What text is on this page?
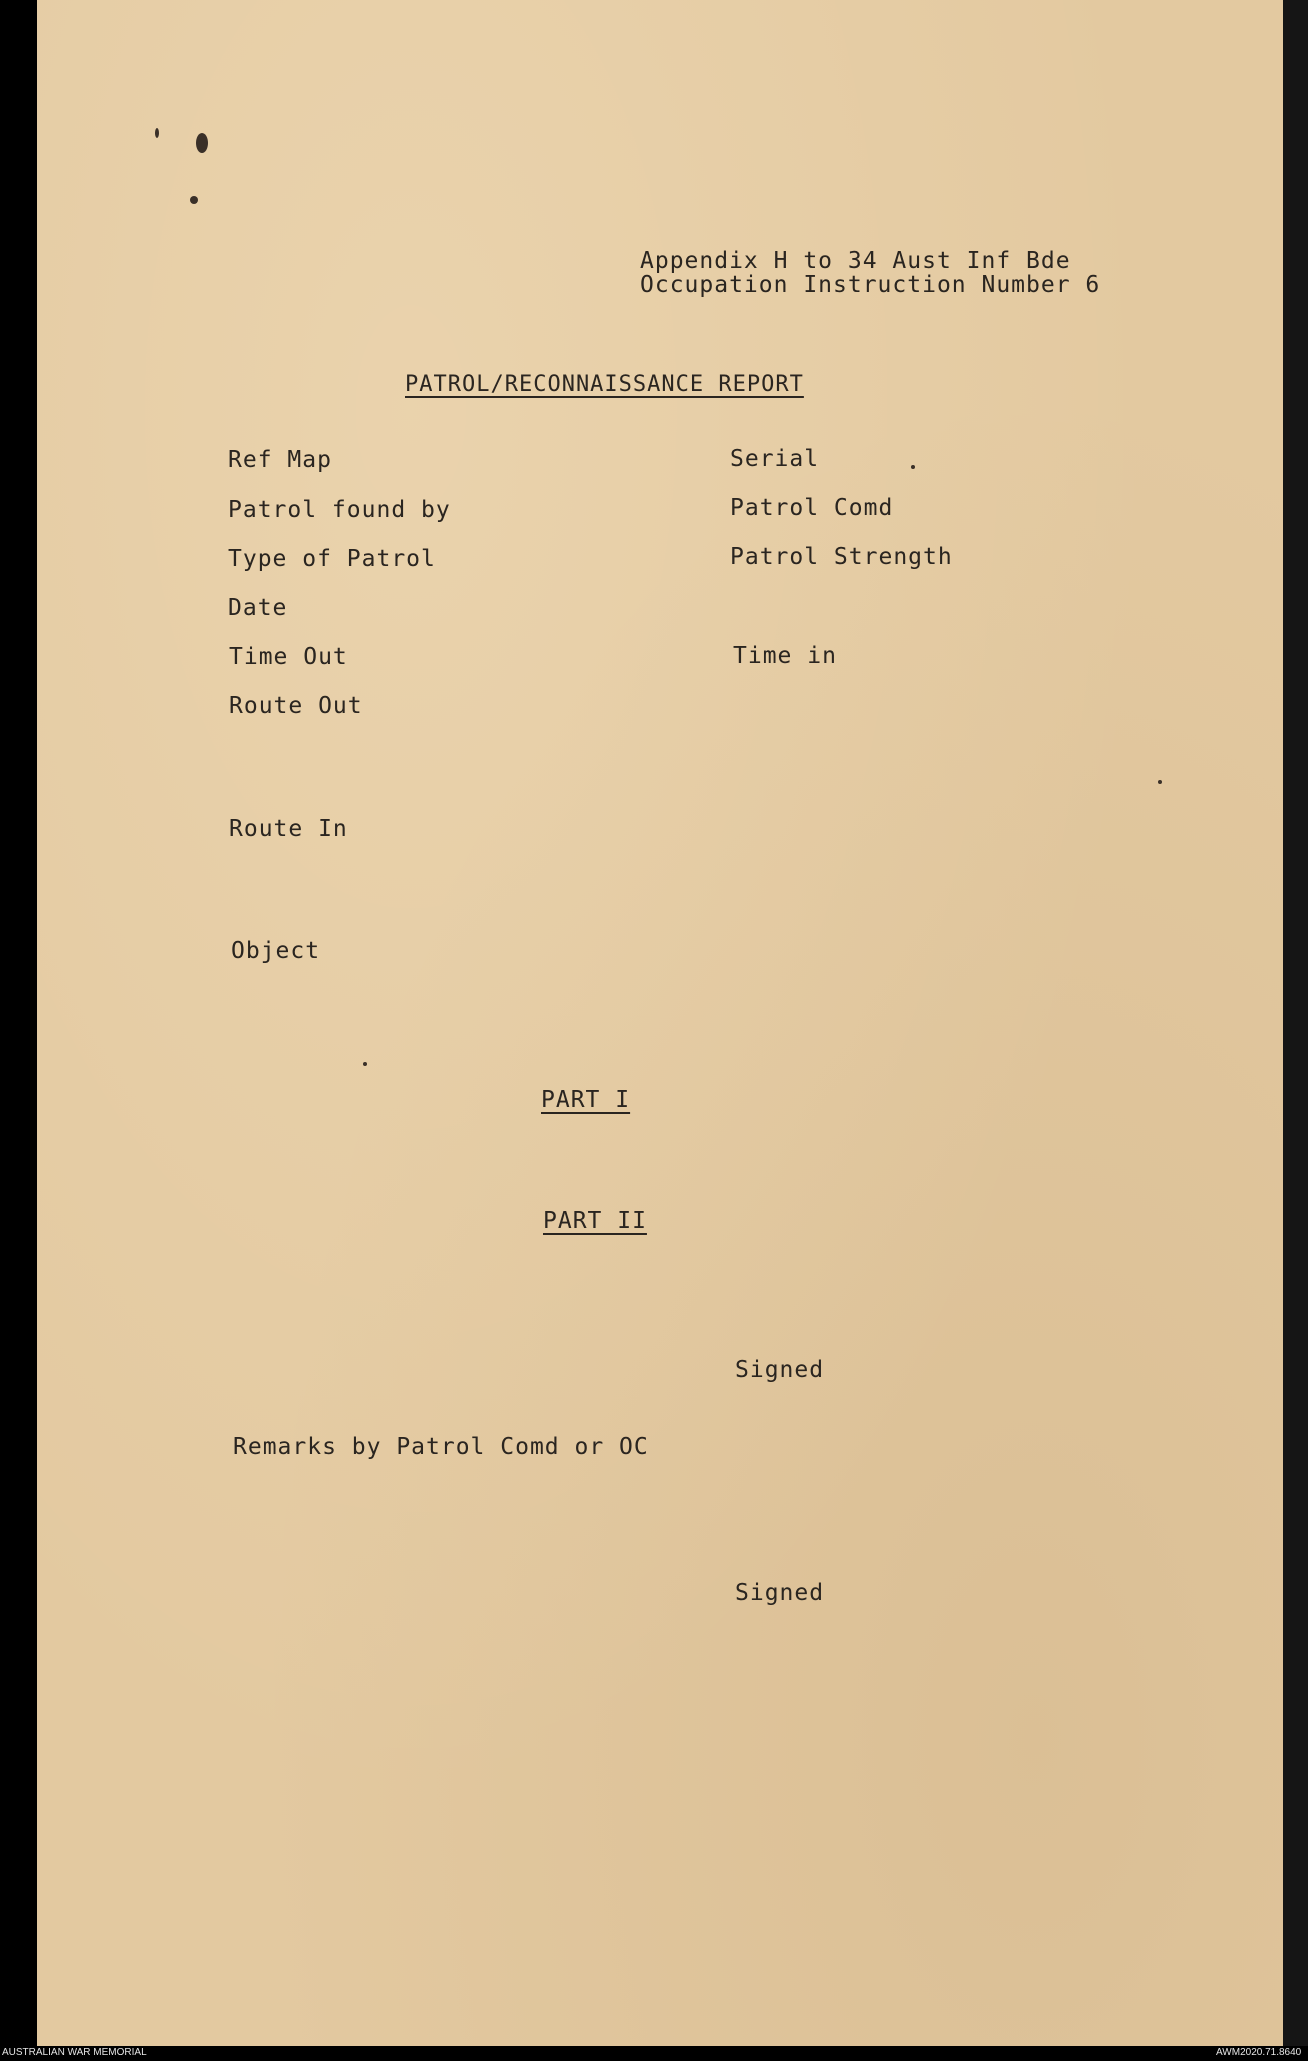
Appendix H to 34 Aust Inf Bde
Occupation Instruction Number 6
PATROL/RECONNAISSANCE REPORT
Ref Map
Patrol found by
Type of Patrol
Date
Time Out
Route Out
Route In
Object
Serial
Patrol Comd
Patrol Strength
Time in
PART I
PART II
Signed
Remarks by Patrol Comd or OC
Signed
AUSTRALIAN WAR MEMORIAL	AWM2020.71.8640
